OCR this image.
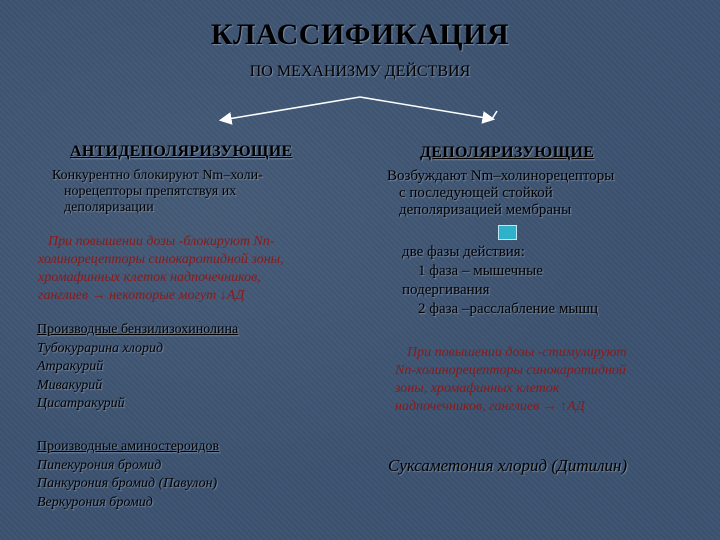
КЛАССИФИКАЦИЯ
ПО МЕХАНИЗМУ ДЕЙСТВИЯ
АНТИДЕПОЛЯРИЗУЮЩИЕ
Конкурентно блокируют Nm–холи-
норецепторы препятствуя их
деполяризации
При повышении дозы -блокируют Nn-
холинорецепторы синокаротидной зоны,
хромафинных клеток надпочечников,
ганглиев → некоторые могут ↓АД
Производные бензилизохинолина
Тубокурарина хлорид
Атракурий
Мивакурий
Цисатракурий
Производные аминостероидов
Пипекурония бромид
Панкурония бромид (Павулон)
Веркурония бромид
ДЕПОЛЯРИЗУЮЩИЕ
Возбуждают Nm–холинорецепторы
с последующей стойкой
деполяризацией мембраны
две фазы действия:
1 фаза – мышечные
подергивания
2 фаза –расслабление мышц
При повышении дозы -стимулируют
Nn-холинорецепторы синокаротидной
зоны, хромафинных клеток
надпочечников, ганглиев → ↑АД
Суксаметония хлорид (Дитилин)
